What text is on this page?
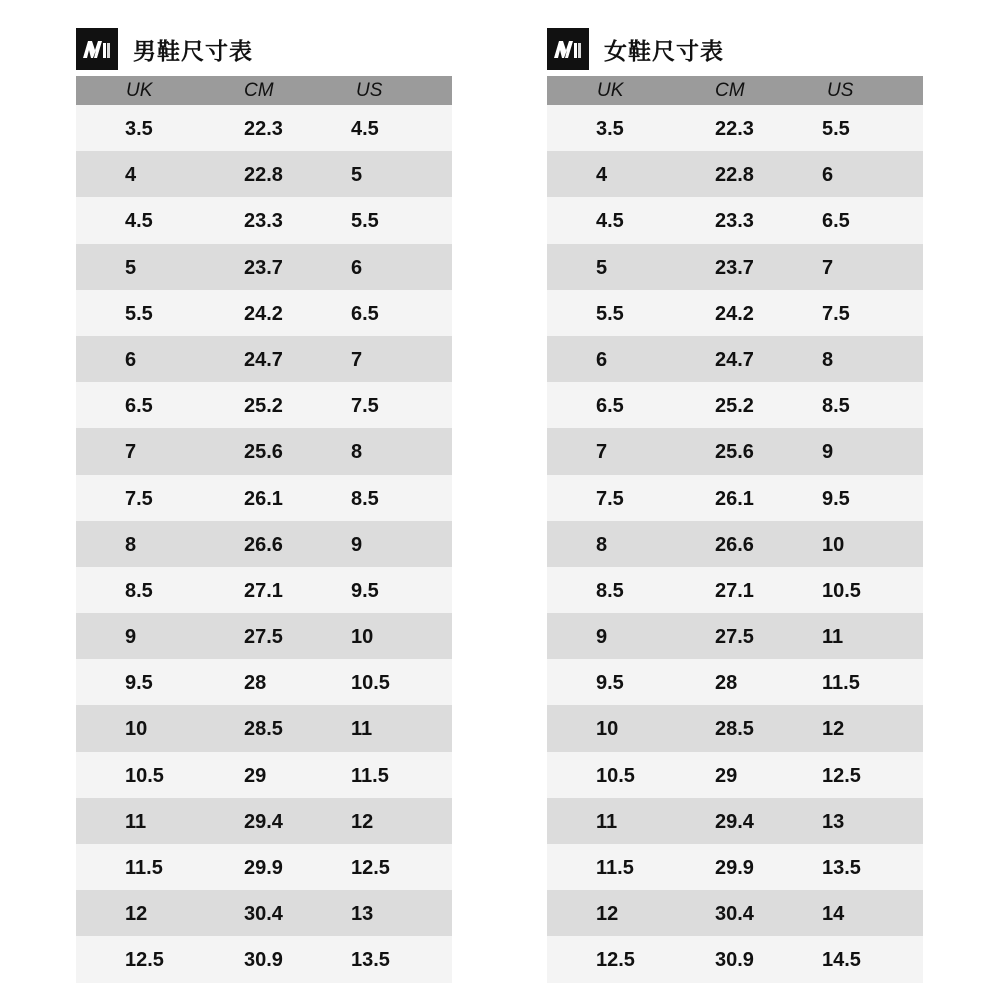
男鞋尺寸表
UK	CM	US
3.5	22.3	4.5
4	22.8	5
4.5	23.3	5.5
5	23.7	6
5.5	24.2	6.5
6	24.7	7
6.5	25.2	7.5
7	25.6	8
7.5	26.1	8.5
8	26.6	9
8.5	27.1	9.5
9	27.5	10
9.5	28	10.5
10	28.5	11
10.5	29	11.5
11	29.4	12
11.5	29.9	12.5
12	30.4	13
12.5	30.9	13.5
女鞋尺寸表
UK	CM	US
3.5	22.3	5.5
4	22.8	6
4.5	23.3	6.5
5	23.7	7
5.5	24.2	7.5
6	24.7	8
6.5	25.2	8.5
7	25.6	9
7.5	26.1	9.5
8	26.6	10
8.5	27.1	10.5
9	27.5	11
9.5	28	11.5
10	28.5	12
10.5	29	12.5
11	29.4	13
11.5	29.9	13.5
12	30.4	14
12.5	30.9	14.5
